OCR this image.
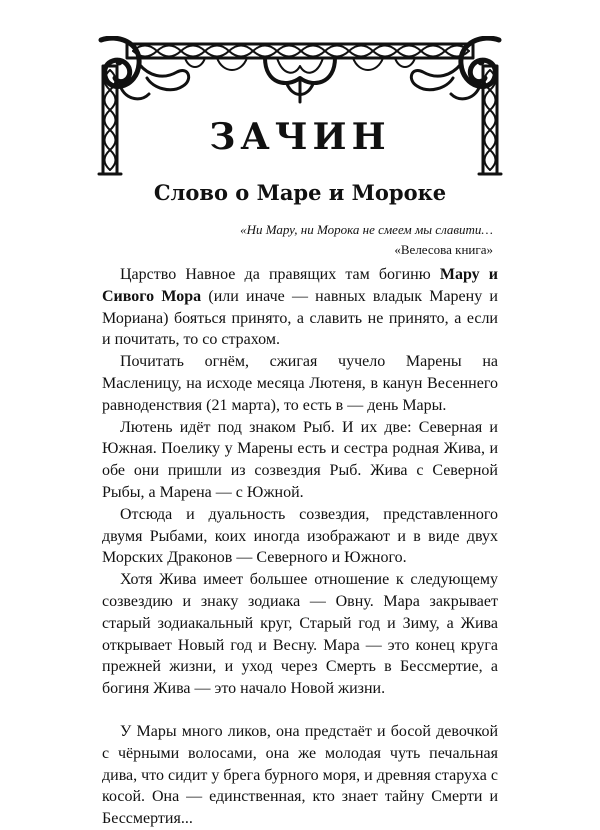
ЗАЧИН
Слово о Маре и Мороке
«Ни Мару, ни Морока не смеем мы славити…
«Велесова книга»

Царство Навное да правящих там богиню Мару и Сивого Мора (или иначе — навных владык Марену и Мориана) бояться принято, а славить не принято, а если и почитать, то со страхом.

Почитать огнём, сжигая чучело Марены на Масленицу, на исходе месяца Лютеня, в канун Весеннего равноденствия (21 марта), то есть в — день Мары.

Лютень идёт под знаком Рыб. И их две: Северная и Южная. Поелику у Марены есть и сестра родная Жива, и обе они пришли из созвездия Рыб. Жива с Северной Рыбы, а Марена — с Южной.

Отсюда и дуальность созвездия, представленного двумя Рыбами, коих иногда изображают и в виде двух Морских Драконов — Северного и Южного.

Хотя Жива имеет большее отношение к следующему созвездию и знаку зодиака — Овну. Мара закрывает старый зодиакальный круг, Старый год и Зиму, а Жива открывает Новый год и Весну. Мара — это конец круга прежней жизни, и уход через Смерть в Бессмертие, а богиня Жива — это начало Новой жизни.

У Мары много ликов, она предстаёт и босой девочкой с чёрными волосами, она же молодая чуть печальная дива, что сидит у брега бурного моря, и древняя старуха с косой. Она — единственная, кто знает тайну Смерти и Бессмертия...
